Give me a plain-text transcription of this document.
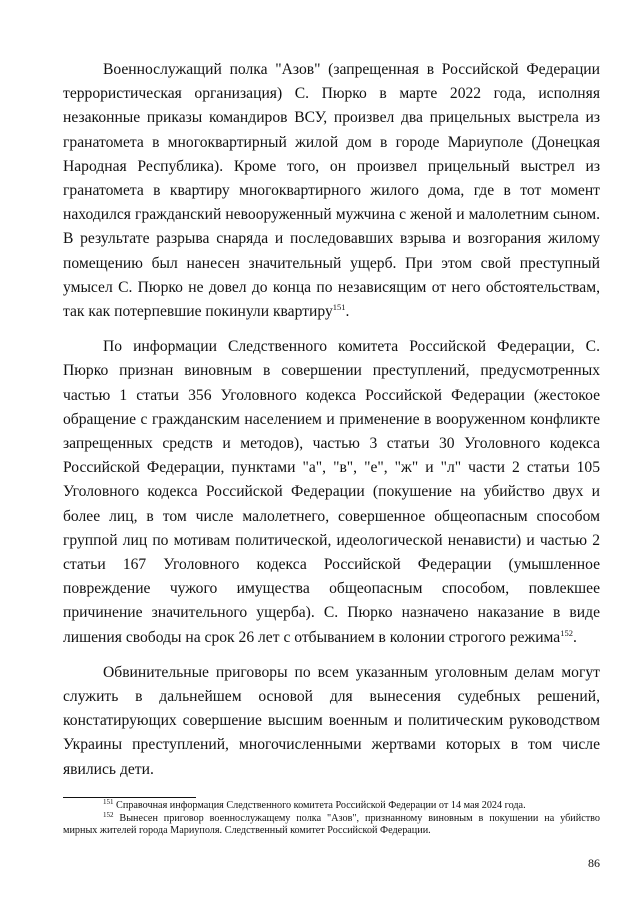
Военнослужащий полка "Азов" (запрещенная в Российской Федерации террористическая организация) С. Пюрко в марте 2022 года, исполняя незаконные приказы командиров ВСУ, произвел два прицельных выстрела из гранатомета в многоквартирный жилой дом в городе Мариуполе (Донецкая Народная Республика). Кроме того, он произвел прицельный выстрел из гранатомета в квартиру многоквартирного жилого дома, где в тот момент находился гражданский невооруженный мужчина с женой и малолетним сыном. В результате разрыва снаряда и последовавших взрыва и возгорания жилому помещению был нанесен значительный ущерб. При этом свой преступный умысел С. Пюрко не довел до конца по независящим от него обстоятельствам, так как потерпевшие покинули квартиру$^{151}$.

По информации Следственного комитета Российской Федерации, С. Пюрко признан виновным в совершении преступлений, предусмотренных частью 1 статьи 356 Уголовного кодекса Российской Федерации (жестокое обращение с гражданским населением и применение в вооруженном конфликте запрещенных средств и методов), частью 3 статьи 30 Уголовного кодекса Российской Федерации, пунктами "а", "в", "е", "ж" и "л" части 2 статьи 105 Уголовного кодекса Российской Федерации (покушение на убийство двух и более лиц, в том числе малолетнего, совершенное общеопасным способом группой лиц по мотивам политической, идеологической ненависти) и частью 2 статьи 167 Уголовного кодекса Российской Федерации (умышленное повреждение чужого имущества общеопасным способом, повлекшее причинение значительного ущерба). С. Пюрко назначено наказание в виде лишения свободы на срок 26 лет с отбыванием в колонии строгого режима$^{152}$.

Обвинительные приговоры по всем указанным уголовным делам могут служить в дальнейшем основой для вынесения судебных решений, констатирующих совершение высшим военным и политическим руководством Украины преступлений, многочисленными жертвами которых в том числе явились дети.

$^{151}$ Справочная информация Следственного комитета Российской Федерации от 14 мая 2024 года.

$^{152}$ Вынесен приговор военнослужащему полка "Азов", признанному виновным в покушении на убийство мирных жителей города Мариуполя. Следственный комитет Российской Федерации.

86
